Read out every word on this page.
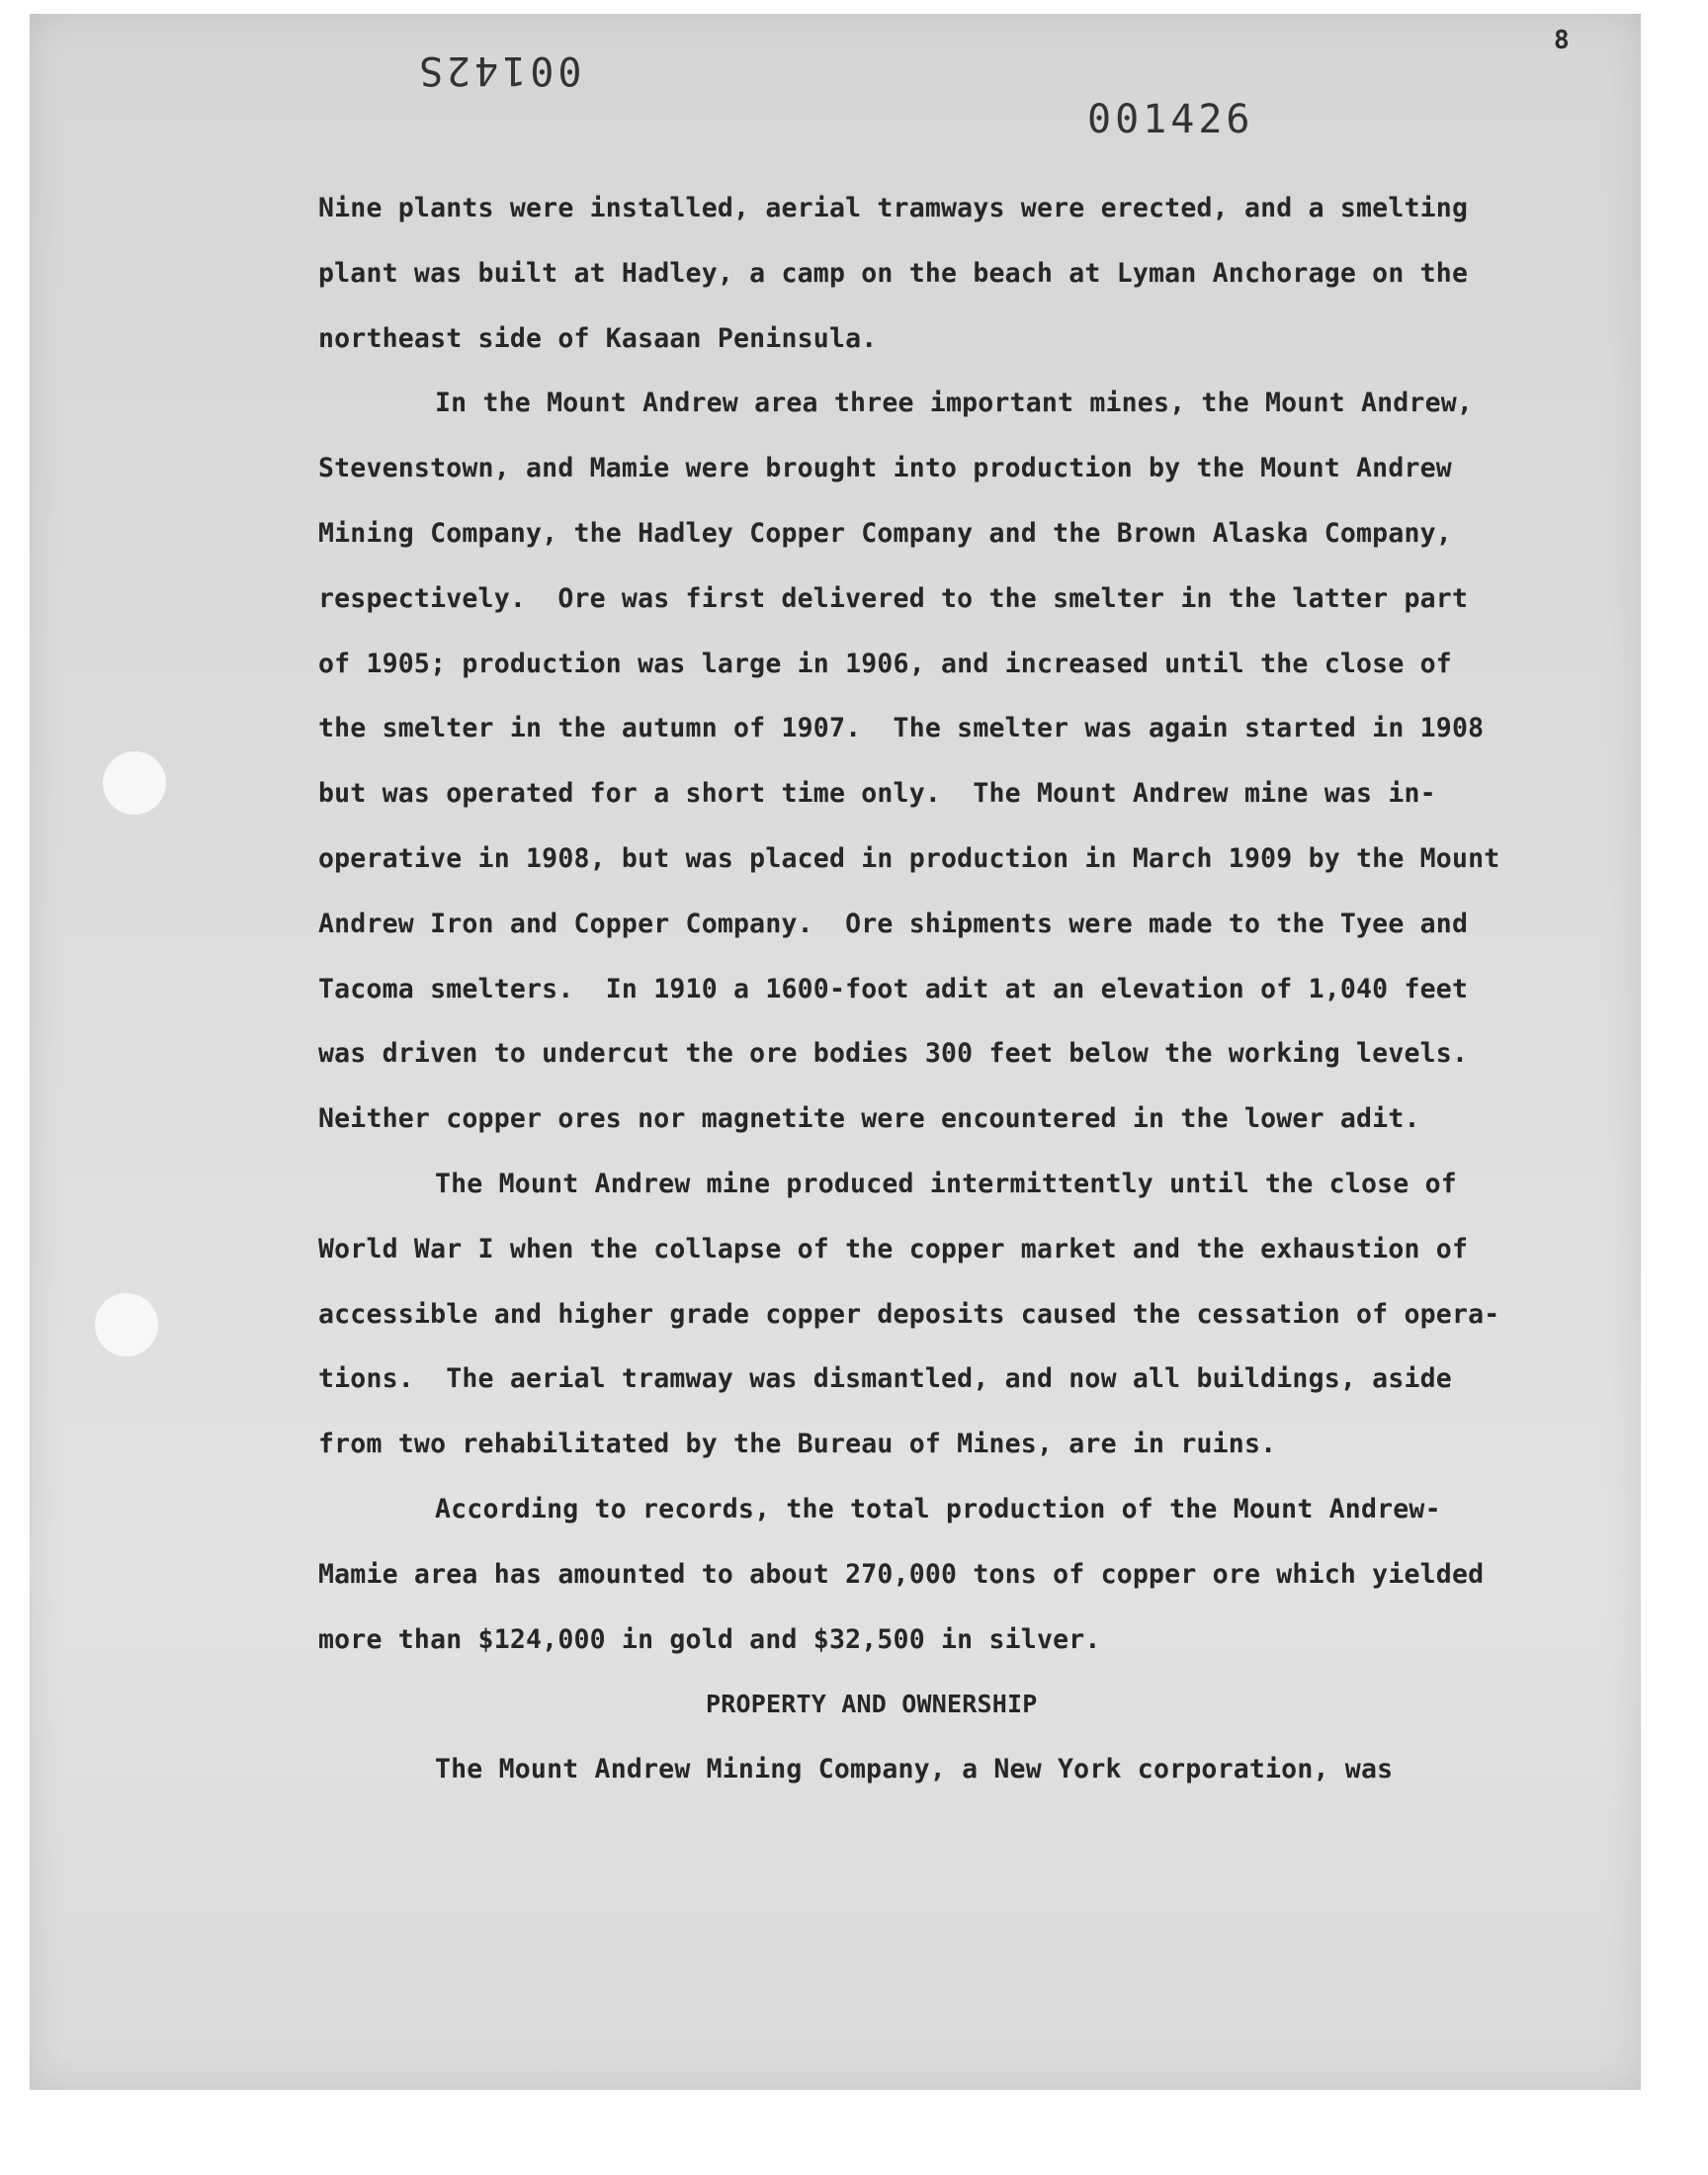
00142S
001426
8
Nine plants were installed, aerial tramways were erected, and a smelting
plant was built at Hadley, a camp on the beach at Lyman Anchorage on the
northeast side of Kasaan Peninsula.
In the Mount Andrew area three important mines, the Mount Andrew,
Stevenstown, and Mamie were brought into production by the Mount Andrew
Mining Company, the Hadley Copper Company and the Brown Alaska Company,
respectively.  Ore was first delivered to the smelter in the latter part
of 1905; production was large in 1906, and increased until the close of
the smelter in the autumn of 1907.  The smelter was again started in 1908
but was operated for a short time only.  The Mount Andrew mine was in-
operative in 1908, but was placed in production in March 1909 by the Mount
Andrew Iron and Copper Company.  Ore shipments were made to the Tyee and
Tacoma smelters.  In 1910 a 1600-foot adit at an elevation of 1,040 feet
was driven to undercut the ore bodies 300 feet below the working levels.
Neither copper ores nor magnetite were encountered in the lower adit.
The Mount Andrew mine produced intermittently until the close of
World War I when the collapse of the copper market and the exhaustion of
accessible and higher grade copper deposits caused the cessation of opera-
tions.  The aerial tramway was dismantled, and now all buildings, aside
from two rehabilitated by the Bureau of Mines, are in ruins.
According to records, the total production of the Mount Andrew-
Mamie area has amounted to about 270,000 tons of copper ore which yielded
more than $124,000 in gold and $32,500 in silver.
PROPERTY AND OWNERSHIP
The Mount Andrew Mining Company, a New York corporation, was
